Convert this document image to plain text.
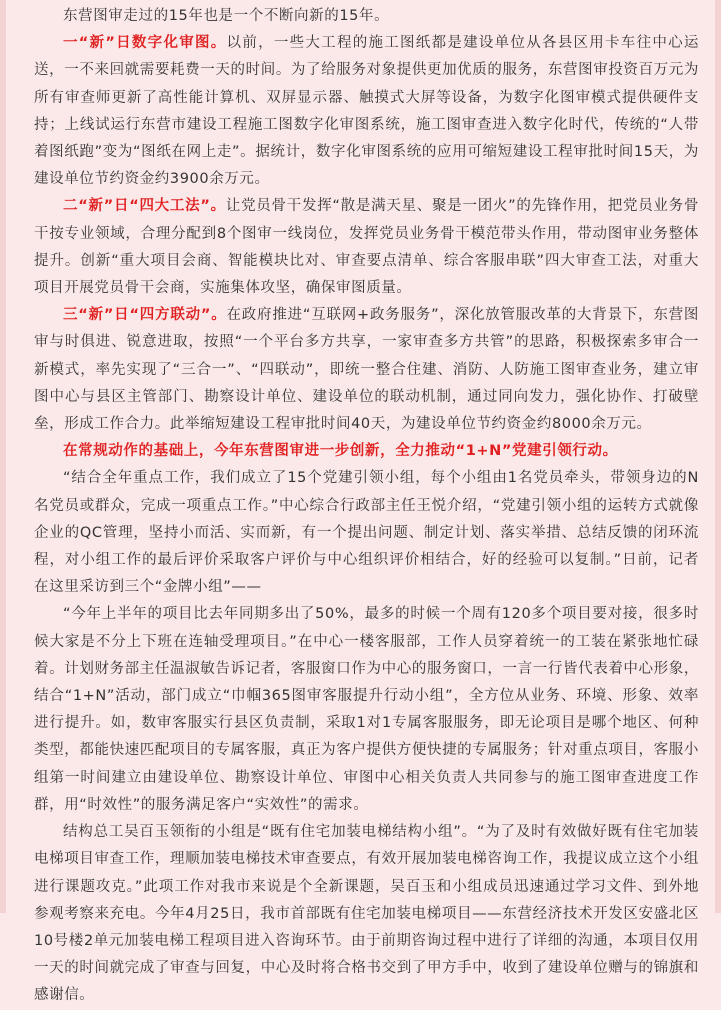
东营图审走过的15年也是一个不断向新的15年。

一“新”日数字化审图。以前，一些大工程的施工图纸都是建设单位从各县区用卡车往中心运送，一不来回就需要耗费一天的时间。为了给服务对象提供更加优质的服务，东营图审投资百万元为所有审查师更新了高性能计算机、双屏显示器、触摸式大屏等设备，为数字化图审模式提供硬件支持；上线试运行东营市建设工程施工图数字化审图系统，施工图审查进入数字化时代，传统的“人带着图纸跑”变为“图纸在网上走”。据统计，数字化审图系统的应用可缩短建设工程审批时间15天，为建设单位节约资金约3900余万元。

二“新”日“四大工法”。让党员骨干发挥“散是满天星、聚是一团火”的先锋作用，把党员业务骨干按专业领域，合理分配到8个图审一线岗位，发挥党员业务骨干模范带头作用，带动图审业务整体提升。创新“重大项目会商、智能模块比对、审查要点清单、综合客服串联”四大审查工法，对重大项目开展党员骨干会商，实施集体攻坚，确保审图质量。

三“新”日“四方联动”。在政府推进“互联网+政务服务”，深化放管服改革的大背景下，东营图审与时俱进、锐意进取，按照“一个平台多方共享，一家审查多方共管”的思路，积极探索多审合一新模式，率先实现了“三合一”、“四联动”，即统一整合住建、消防、人防施工图审查业务，建立审图中心与县区主管部门、勘察设计单位、建设单位的联动机制，通过同向发力，强化协作、打破壁垒，形成工作合力。此举缩短建设工程审批时间40天，为建设单位节约资金约8000余万元。

在常规动作的基础上，今年东营图审进一步创新，全力推动“1+N”党建引领行动。

“结合全年重点工作，我们成立了15个党建引领小组，每个小组由1名党员牵头，带领身边的N名党员或群众，完成一项重点工作。”中心综合行政部主任王悦介绍，“党建引领小组的运转方式就像企业的QC管理，坚持小而活、实而新，有一个提出问题、制定计划、落实举措、总结反馈的闭环流程，对小组工作的最后评价采取客户评价与中心组织评价相结合，好的经验可以复制。”日前，记者在这里采访到三个“金牌小组”——

“今年上半年的项目比去年同期多出了50%，最多的时候一个周有120多个项目要对接，很多时候大家是不分上下班在连轴受理项目。”在中心一楼客服部，工作人员穿着统一的工装在紧张地忙碌着。计划财务部主任温淑敏告诉记者，客服窗口作为中心的服务窗口，一言一行皆代表着中心形象，结合“1+N”活动，部门成立“巾帼365图审客服提升行动小组”，全方位从业务、环境、形象、效率进行提升。如，数审客服实行县区负责制，采取1对1专属客服服务，即无论项目是哪个地区、何种类型，都能快速匹配项目的专属客服，真正为客户提供方便快捷的专属服务；针对重点项目，客服小组第一时间建立由建设单位、勘察设计单位、审图中心相关负责人共同参与的施工图审查进度工作群，用“时效性”的服务满足客户“实效性”的需求。

结构总工吴百玉领衔的小组是“既有住宅加装电梯结构小组”。“为了及时有效做好既有住宅加装电梯项目审查工作，理顺加装电梯技术审查要点，有效开展加装电梯咨询工作，我提议成立这个小组进行课题攻克。”此项工作对我市来说是个全新课题，吴百玉和小组成员迅速通过学习文件、到外地参观考察来充电。今年4月25日，我市首部既有住宅加装电梯项目——东营经济技术开发区安盛北区10号楼2单元加装电梯工程项目进入咨询环节。由于前期咨询过程中进行了详细的沟通，本项目仅用一天的时间就完成了审查与回复，中心及时将合格书交到了甲方手中，收到了建设单位赠与的锦旗和感谢信。
